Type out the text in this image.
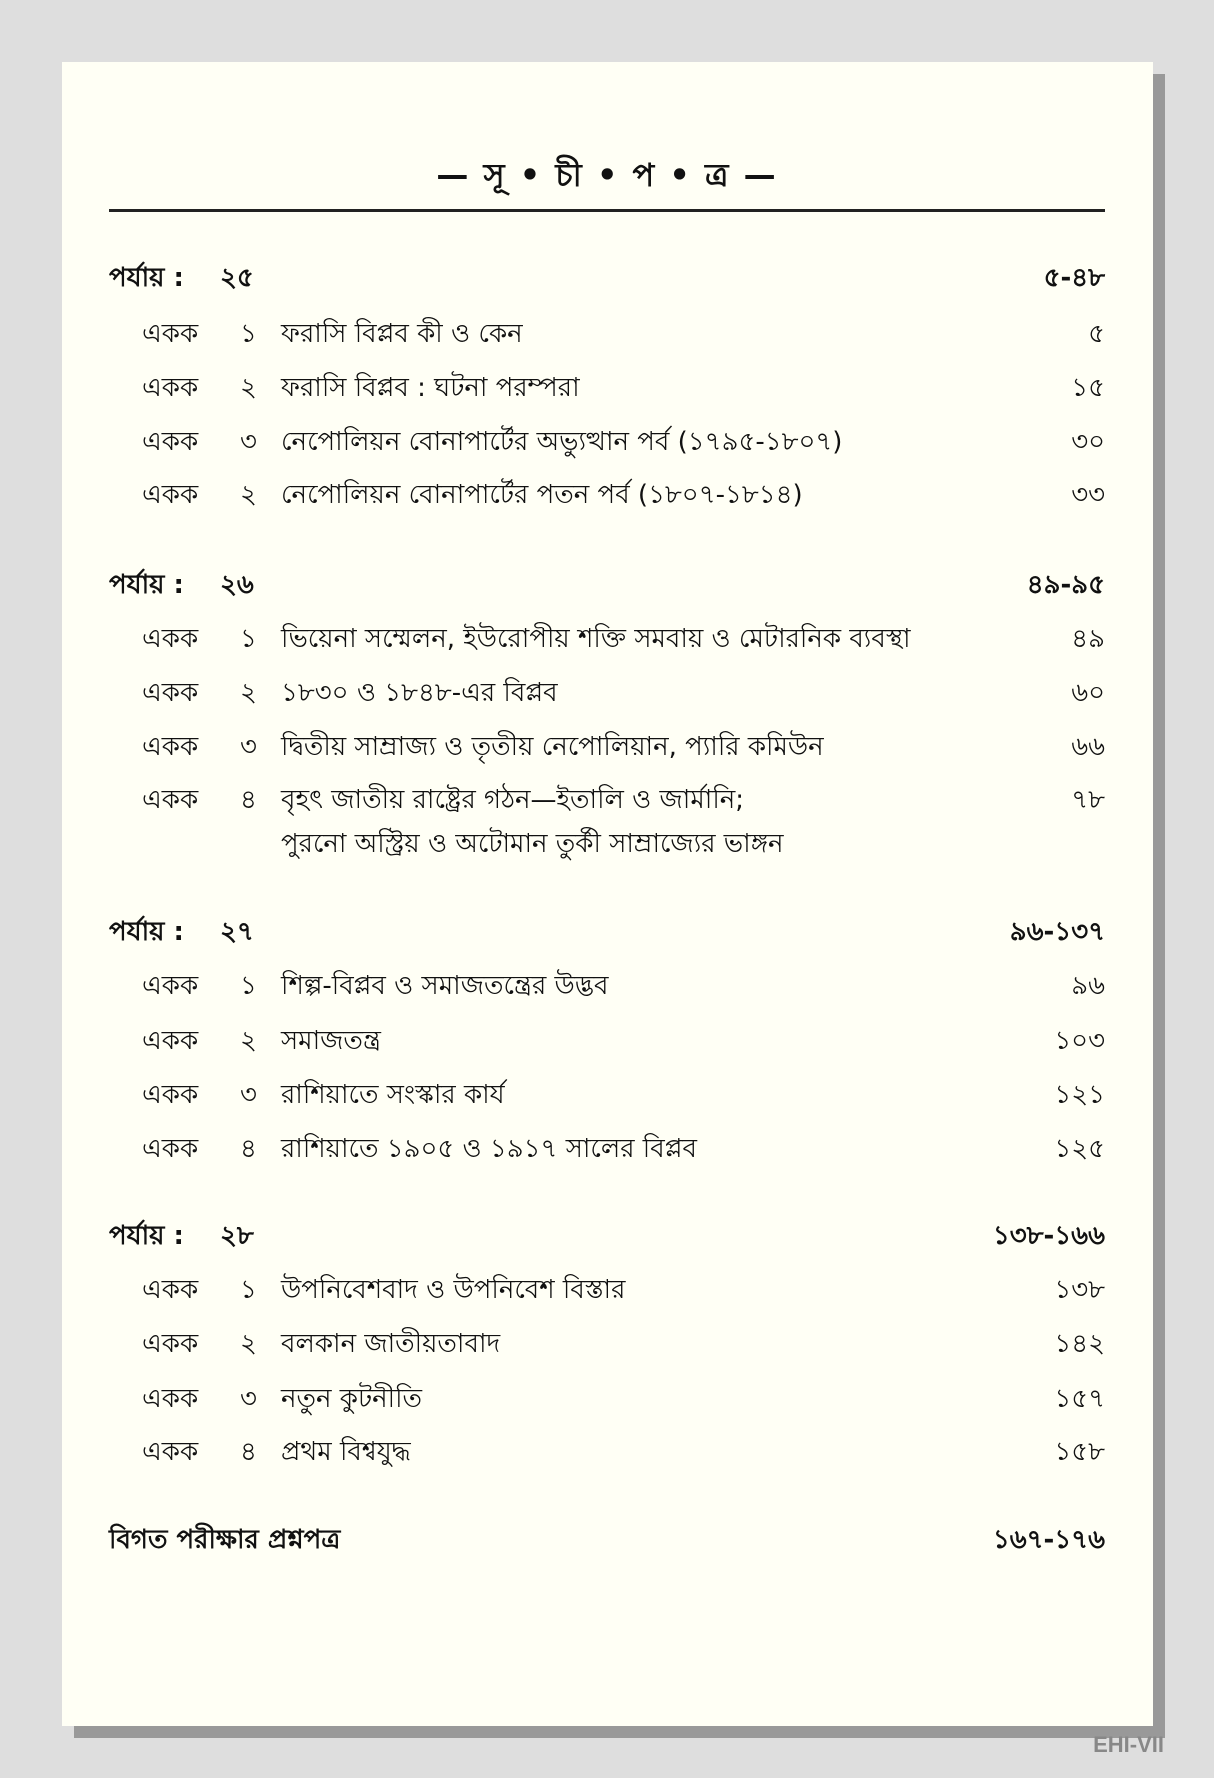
— সূ • চী • প • ত্র —
পর্যায় : ২৫	৫-৪৮
একক ১ ফরাসি বিপ্লব কী ও কেন	৫
একক ২ ফরাসি বিপ্লব : ঘটনা পরম্পরা	১৫
একক ৩ নেপোলিয়ন বোনাপার্টের অভ্যুত্থান পর্ব (১৭৯৫-১৮০৭)	৩০
একক ২ নেপোলিয়ন বোনাপার্টের পতন পর্ব (১৮০৭-১৮১৪)	৩৩
পর্যায় : ২৬	৪৯-৯৫
একক ১ ভিয়েনা সম্মেলন, ইউরোপীয় শক্তি সমবায় ও মেটারনিক ব্যবস্থা	৪৯
একক ২ ১৮৩০ ও ১৮৪৮-এর বিপ্লব	৬০
একক ৩ দ্বিতীয় সাম্রাজ্য ও তৃতীয় নেপোলিয়ান, প্যারি কমিউন	৬৬
একক ৪ বৃহৎ জাতীয় রাষ্ট্রের গঠন—ইতালি ও জার্মানি;	৭৮
পুরনো অস্ট্রিয় ও অটোমান তুর্কী সাম্রাজ্যের ভাঙ্গন
পর্যায় : ২৭	৯৬-১৩৭
একক ১ শিল্প-বিপ্লব ও সমাজতন্ত্রের উদ্ভব	৯৬
একক ২ সমাজতন্ত্র	১০৩
একক ৩ রাশিয়াতে সংস্কার কার্য	১২১
একক ৪ রাশিয়াতে ১৯০৫ ও ১৯১৭ সালের বিপ্লব	১২৫
পর্যায় : ২৮	১৩৮-১৬৬
একক ১ উপনিবেশবাদ ও উপনিবেশ বিস্তার	১৩৮
একক ২ বলকান জাতীয়তাবাদ	১৪২
একক ৩ নতুন কুটনীতি	১৫৭
একক ৪ প্রথম বিশ্বযুদ্ধ	১৫৮
বিগত পরীক্ষার প্রশ্নপত্র	১৬৭-১৭৬
EHI-VII
